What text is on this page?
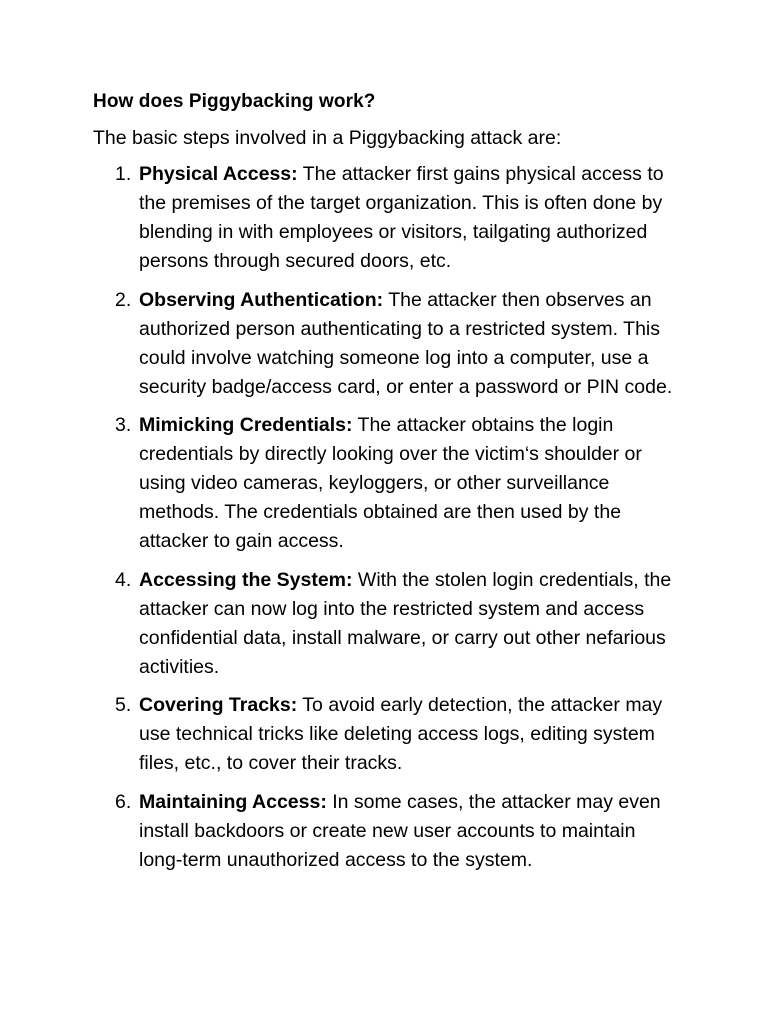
How does Piggybacking work?

The basic steps involved in a Piggybacking attack are:

1. Physical Access: The attacker first gains physical access to the premises of the target organization. This is often done by blending in with employees or visitors, tailgating authorized persons through secured doors, etc.
2. Observing Authentication: The attacker then observes an authorized person authenticating to a restricted system. This could involve watching someone log into a computer, use a security badge/access card, or enter a password or PIN code.
3. Mimicking Credentials: The attacker obtains the login credentials by directly looking over the victim‘s shoulder or using video cameras, keyloggers, or other surveillance methods. The credentials obtained are then used by the attacker to gain access.
4. Accessing the System: With the stolen login credentials, the attacker can now log into the restricted system and access confidential data, install malware, or carry out other nefarious activities.
5. Covering Tracks: To avoid early detection, the attacker may use technical tricks like deleting access logs, editing system files, etc., to cover their tracks.
6. Maintaining Access: In some cases, the attacker may even install backdoors or create new user accounts to maintain long-term unauthorized access to the system.
